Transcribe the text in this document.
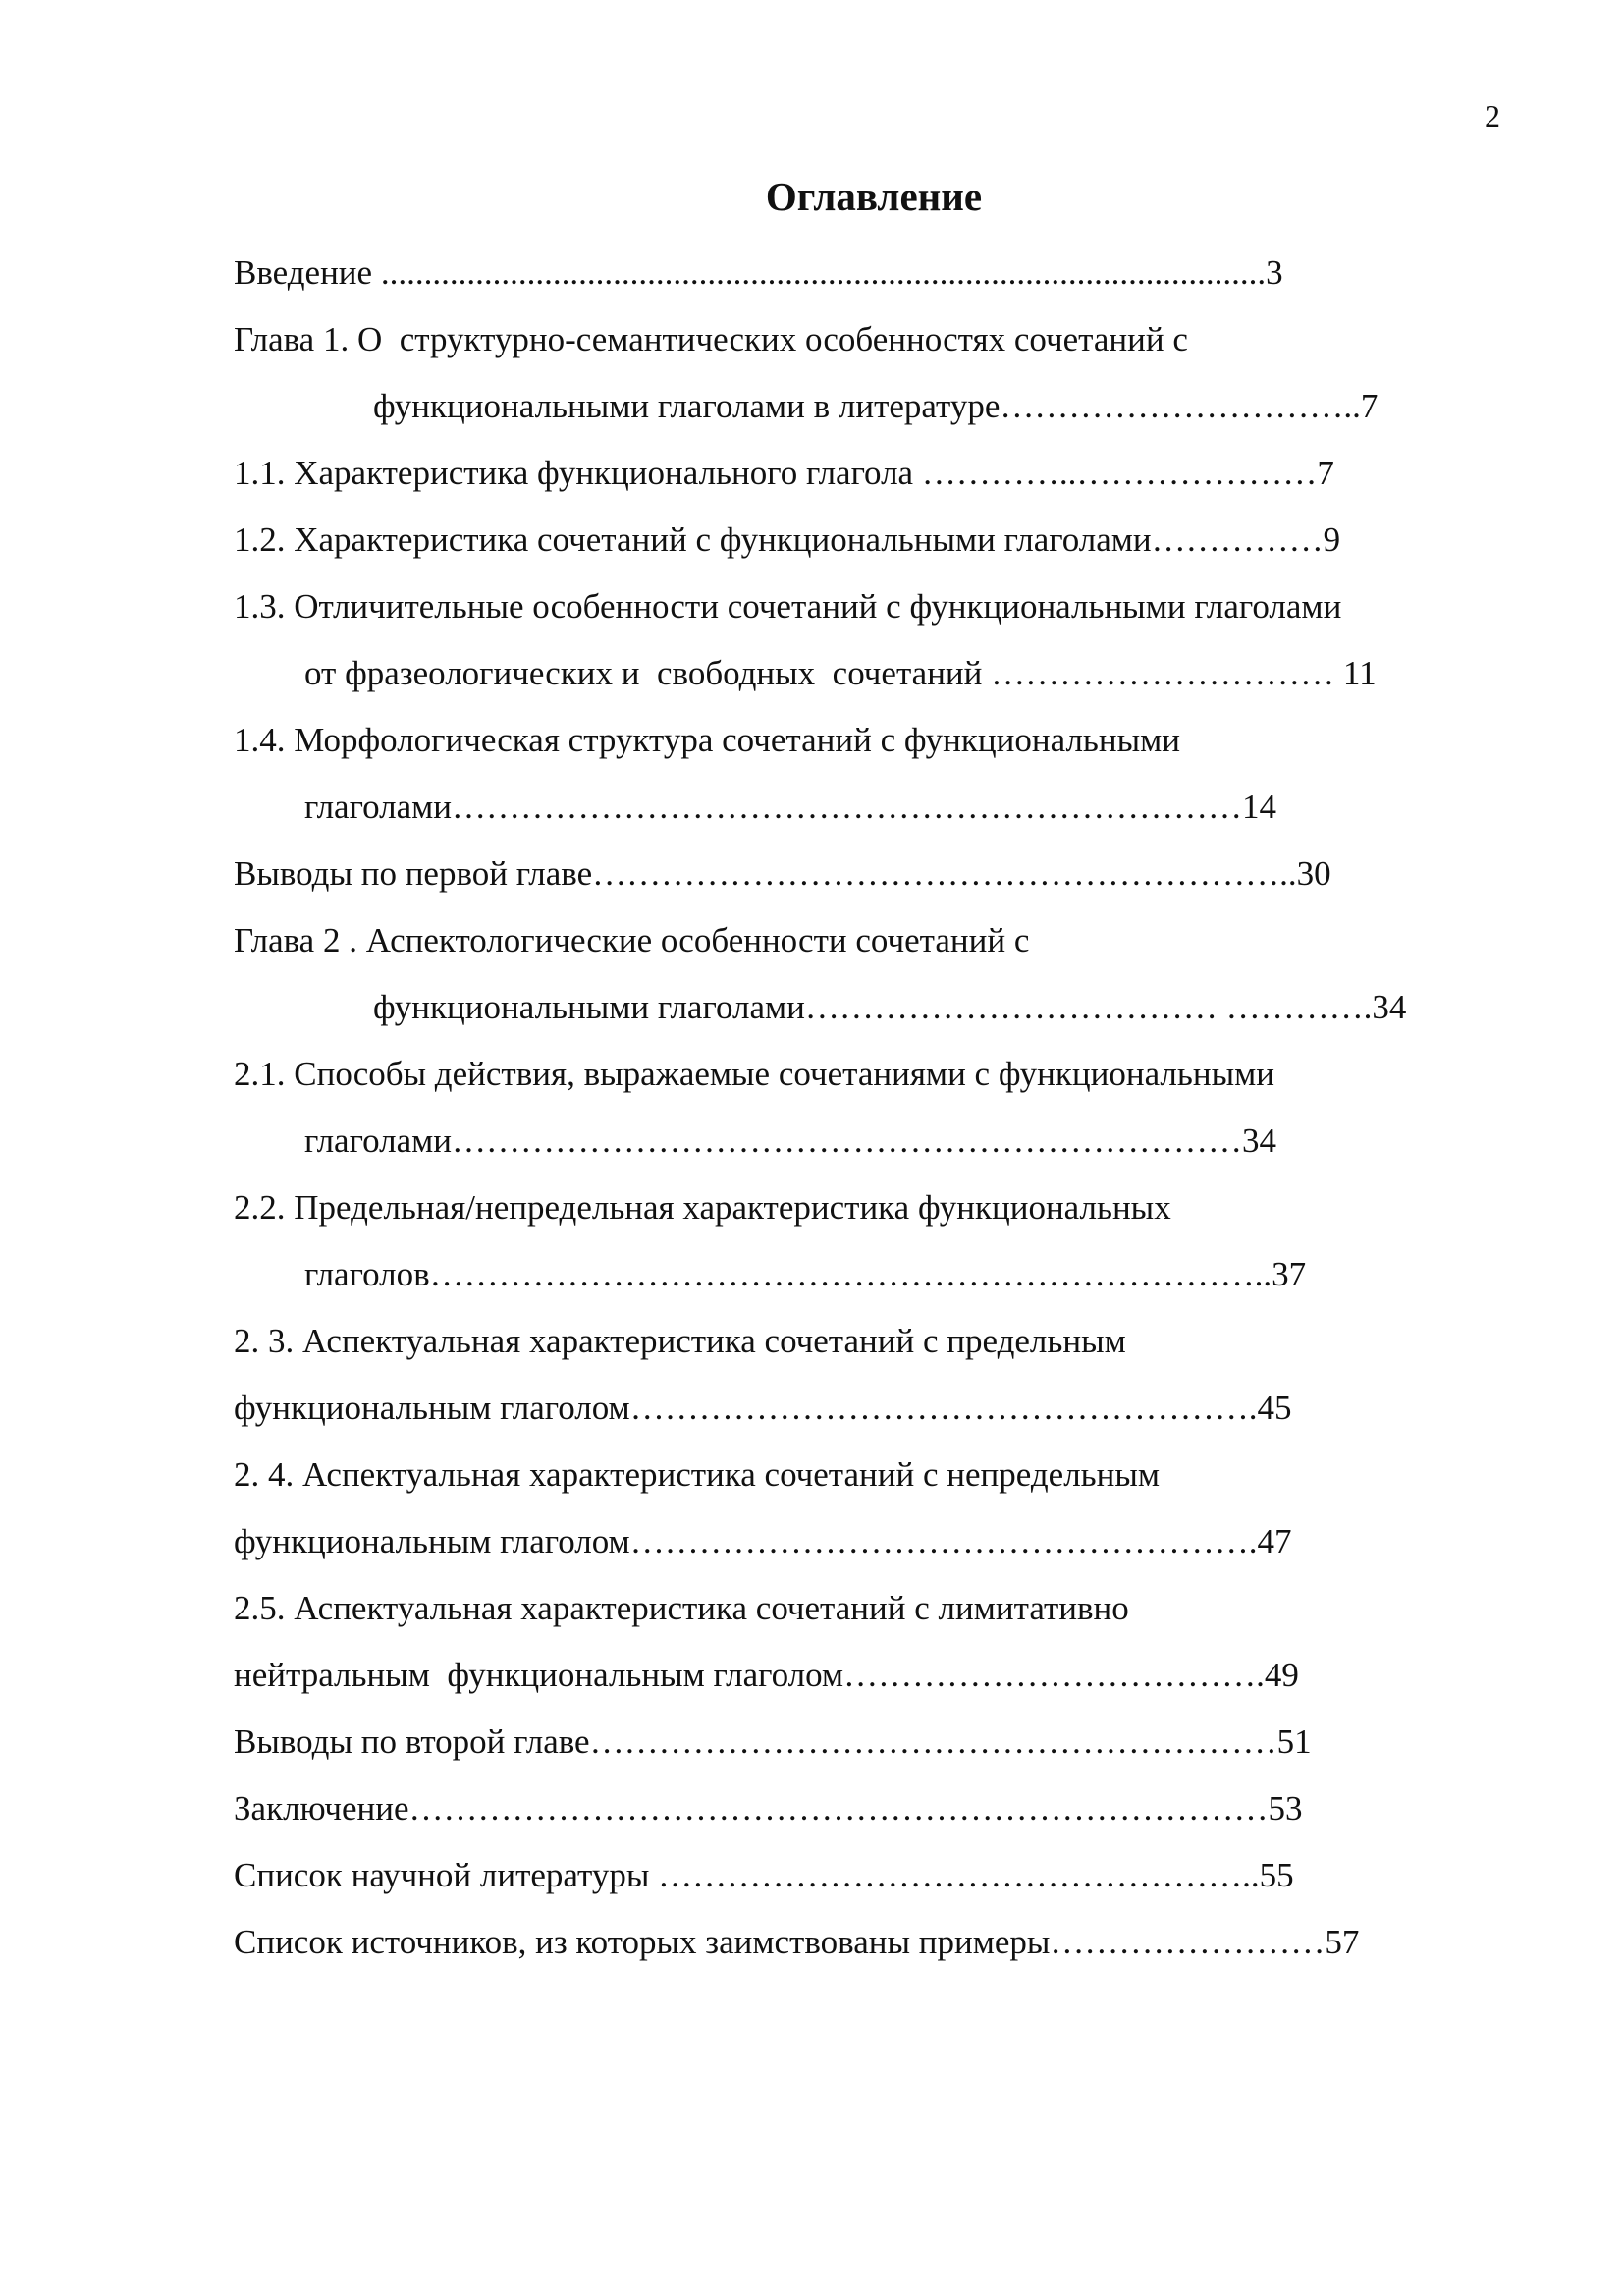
2
Оглавление
Введение .......................................................................................................3
Глава 1. О  структурно-семантических особенностях сочетаний с
функциональными глаголами в литературе…………………………..7
1.1. Характеристика функционального глагола …………..…………………7
1.2. Характеристика сочетаний с функциональными глаголами……………9
1.3. Отличительные особенности сочетаний с функциональными глаголами
от фразеологических и  свободных  сочетаний ………………………… 11
1.4. Морфологическая структура сочетаний с функциональными
глаголами……………………………………………………………14
Выводы по первой главе……………………………………………………..30
Глава 2 . Аспектологические особенности сочетаний с
функциональными глаголами……………………………… ………….34
2.1. Способы действия, выражаемые сочетаниями с функциональными
глаголами……………………………………………………………34
2.2. Предельная/непредельная характеристика функциональных
глаголов………………………………………………………………..37
2. 3. Аспектуальная характеристика сочетаний с предельным
функциональным глаголом……………………………………………….45
2. 4. Аспектуальная характеристика сочетаний с непредельным
функциональным глаголом……………………………………………….47
2.5. Аспектуальная характеристика сочетаний с лимитативно
нейтральным  функциональным глаголом……………………………….49
Выводы по второй главе……………………………………………………51
Заключение…………………………………………………………………53
Список научной литературы ……………………………………………..55
Список источников, из которых заимствованы примеры……………………57
